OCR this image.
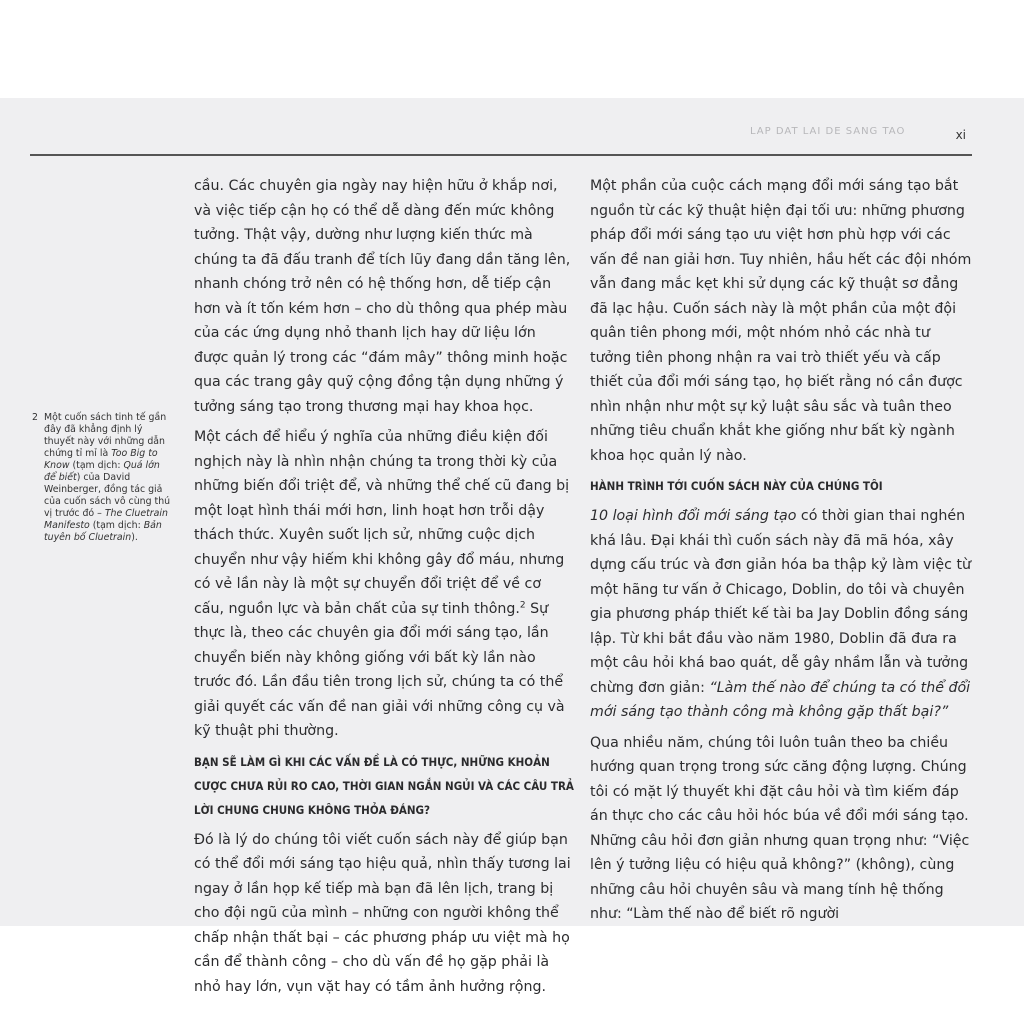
LAP DAT LAI DE SANG TAO	xi
2 Một cuốn sách tinh tế gần đây đã khẳng định lý thuyết này với những dẫn chứng tỉ mỉ là Too Big to Know (tạm dịch: Quá lớn để biết) của David Weinberger, đồng tác giả của cuốn sách vô cùng thú vị trước đó – The Cluetrain Manifesto (tạm dịch: Bản tuyên bố Cluetrain).

cầu. Các chuyên gia ngày nay hiện hữu ở khắp nơi, và việc tiếp cận họ có thể dễ dàng đến mức không tưởng. Thật vậy, dường như lượng kiến thức mà chúng ta đã đấu tranh để tích lũy đang dần tăng lên, nhanh chóng trở nên có hệ thống hơn, dễ tiếp cận hơn và ít tốn kém hơn – cho dù thông qua phép màu của các ứng dụng nhỏ thanh lịch hay dữ liệu lớn được quản lý trong các “đám mây” thông minh hoặc qua các trang gây quỹ cộng đồng tận dụng những ý tưởng sáng tạo trong thương mại hay khoa học.

Một cách để hiểu ý nghĩa của những điều kiện đối nghịch này là nhìn nhận chúng ta trong thời kỳ của những biến đổi triệt để, và những thể chế cũ đang bị một loạt hình thái mới hơn, linh hoạt hơn trỗi dậy thách thức. Xuyên suốt lịch sử, những cuộc dịch chuyển như vậy hiếm khi không gây đổ máu, nhưng có vẻ lần này là một sự chuyển đổi triệt để về cơ cấu, nguồn lực và bản chất của sự tinh thông.$^2$ Sự thực là, theo các chuyên gia đổi mới sáng tạo, lần chuyển biến này không giống với bất kỳ lần nào trước đó. Lần đầu tiên trong lịch sử, chúng ta có thể giải quyết các vấn đề nan giải với những công cụ và kỹ thuật phi thường.

BẠN SẼ LÀM GÌ KHI CÁC VẤN ĐỀ LÀ CÓ THỰC, NHỮNG KHOẢN CƯỢC CHƯA RỦI RO CAO, THỜI GIAN NGẮN NGỦI VÀ CÁC CÂU TRẢ LỜI CHUNG CHUNG KHÔNG THỎA ĐÁNG?

Đó là lý do chúng tôi viết cuốn sách này để giúp bạn có thể đổi mới sáng tạo hiệu quả, nhìn thấy tương lai ngay ở lần họp kế tiếp mà bạn đã lên lịch, trang bị cho đội ngũ của mình – những con người không thể chấp nhận thất bại – các phương pháp ưu việt mà họ cần để thành công – cho dù vấn đề họ gặp phải là nhỏ hay lớn, vụn vặt hay có tầm ảnh hưởng rộng.

Một phần của cuộc cách mạng đổi mới sáng tạo bắt nguồn từ các kỹ thuật hiện đại tối ưu: những phương pháp đổi mới sáng tạo ưu việt hơn phù hợp với các vấn đề nan giải hơn. Tuy nhiên, hầu hết các đội nhóm vẫn đang mắc kẹt khi sử dụng các kỹ thuật sơ đẳng đã lạc hậu. Cuốn sách này là một phần của một đội quân tiên phong mới, một nhóm nhỏ các nhà tư tưởng tiên phong nhận ra vai trò thiết yếu và cấp thiết của đổi mới sáng tạo, họ biết rằng nó cần được nhìn nhận như một sự kỷ luật sâu sắc và tuân theo những tiêu chuẩn khắt khe giống như bất kỳ ngành khoa học quản lý nào.

HÀNH TRÌNH TỚI CUỐN SÁCH NÀY CỦA CHÚNG TÔI

10 loại hình đổi mới sáng tạo có thời gian thai nghén khá lâu. Đại khái thì cuốn sách này đã mã hóa, xây dựng cấu trúc và đơn giản hóa ba thập kỷ làm việc từ một hãng tư vấn ở Chicago, Doblin, do tôi và chuyên gia phương pháp thiết kế tài ba Jay Doblin đồng sáng lập. Từ khi bắt đầu vào năm 1980, Doblin đã đưa ra một câu hỏi khá bao quát, dễ gây nhầm lẫn và tưởng chừng đơn giản: “Làm thế nào để chúng ta có thể đổi mới sáng tạo thành công mà không gặp thất bại?”

Qua nhiều năm, chúng tôi luôn tuân theo ba chiều hướng quan trọng trong sức căng động lượng. Chúng tôi có mặt lý thuyết khi đặt câu hỏi và tìm kiếm đáp án thực cho các câu hỏi hóc búa về đổi mới sáng tạo. Những câu hỏi đơn giản nhưng quan trọng như: “Việc lên ý tưởng liệu có hiệu quả không?” (không), cùng những câu hỏi chuyên sâu và mang tính hệ thống như: “Làm thế nào để biết rõ người
